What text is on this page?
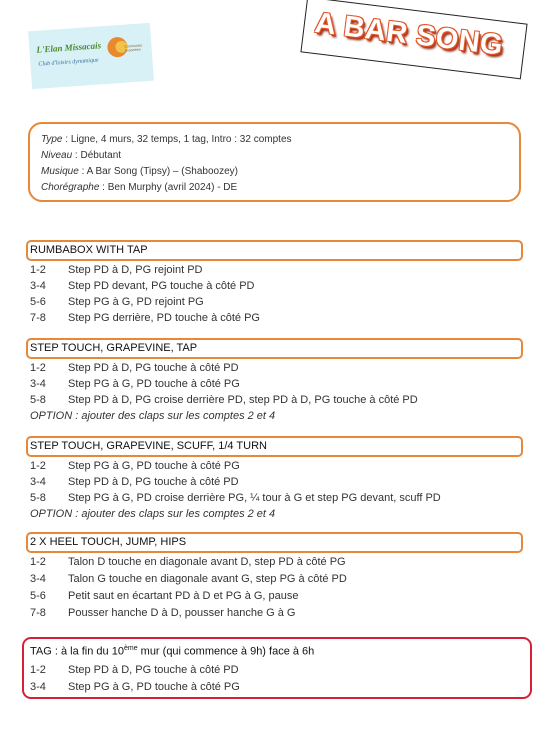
L'Elan Missacais
Club d'loisirs dynamique
Communes Associees	A BAR SONG
Type : Ligne, 4 murs, 32 temps, 1 tag, Intro : 32 comptes
Niveau : Débutant
Musique : A Bar Song (Tipsy) – (Shaboozey)
Chorégraphe : Ben Murphy (avril 2024) - DE
RUMBABOX WITH TAP
1-2 Step PD à D, PG rejoint PD
3-4 Step PD devant, PG touche à côté PD
5-6 Step PG à G, PD rejoint PG
7-8 Step PG derrière, PD touche à côté PG
STEP TOUCH, GRAPEVINE, TAP
1-2 Step PD à D, PG touche à côté PD
3-4 Step PG à G, PD touche à côté PG
5-8 Step PD à D, PG croise derrière PD, step PD à D, PG touche à côté PD
OPTION : ajouter des claps sur les comptes 2 et 4
STEP TOUCH, GRAPEVINE, SCUFF, 1/4 TURN
1-2 Step PG à G, PD touche à côté PG
3-4 Step PD à D, PG touche à côté PD
5-8 Step PG à G, PD croise derrière PG, ¼ tour à G et step PG devant, scuff PD
OPTION : ajouter des claps sur les comptes 2 et 4
2 X HEEL TOUCH, JUMP, HIPS
1-2 Talon D touche en diagonale avant D, step PD à côté PG
3-4 Talon G touche en diagonale avant G, step PG à côté PD
5-6 Petit saut en écartant PD à D et PG à G, pause
7-8 Pousser hanche D à D, pousser hanche G à G
TAG : à la fin du 10ème mur (qui commence à 9h) face à 6h
1-2 Step PD à D, PG touche à côté PD
3-4 Step PG à G, PD touche à côté PG
